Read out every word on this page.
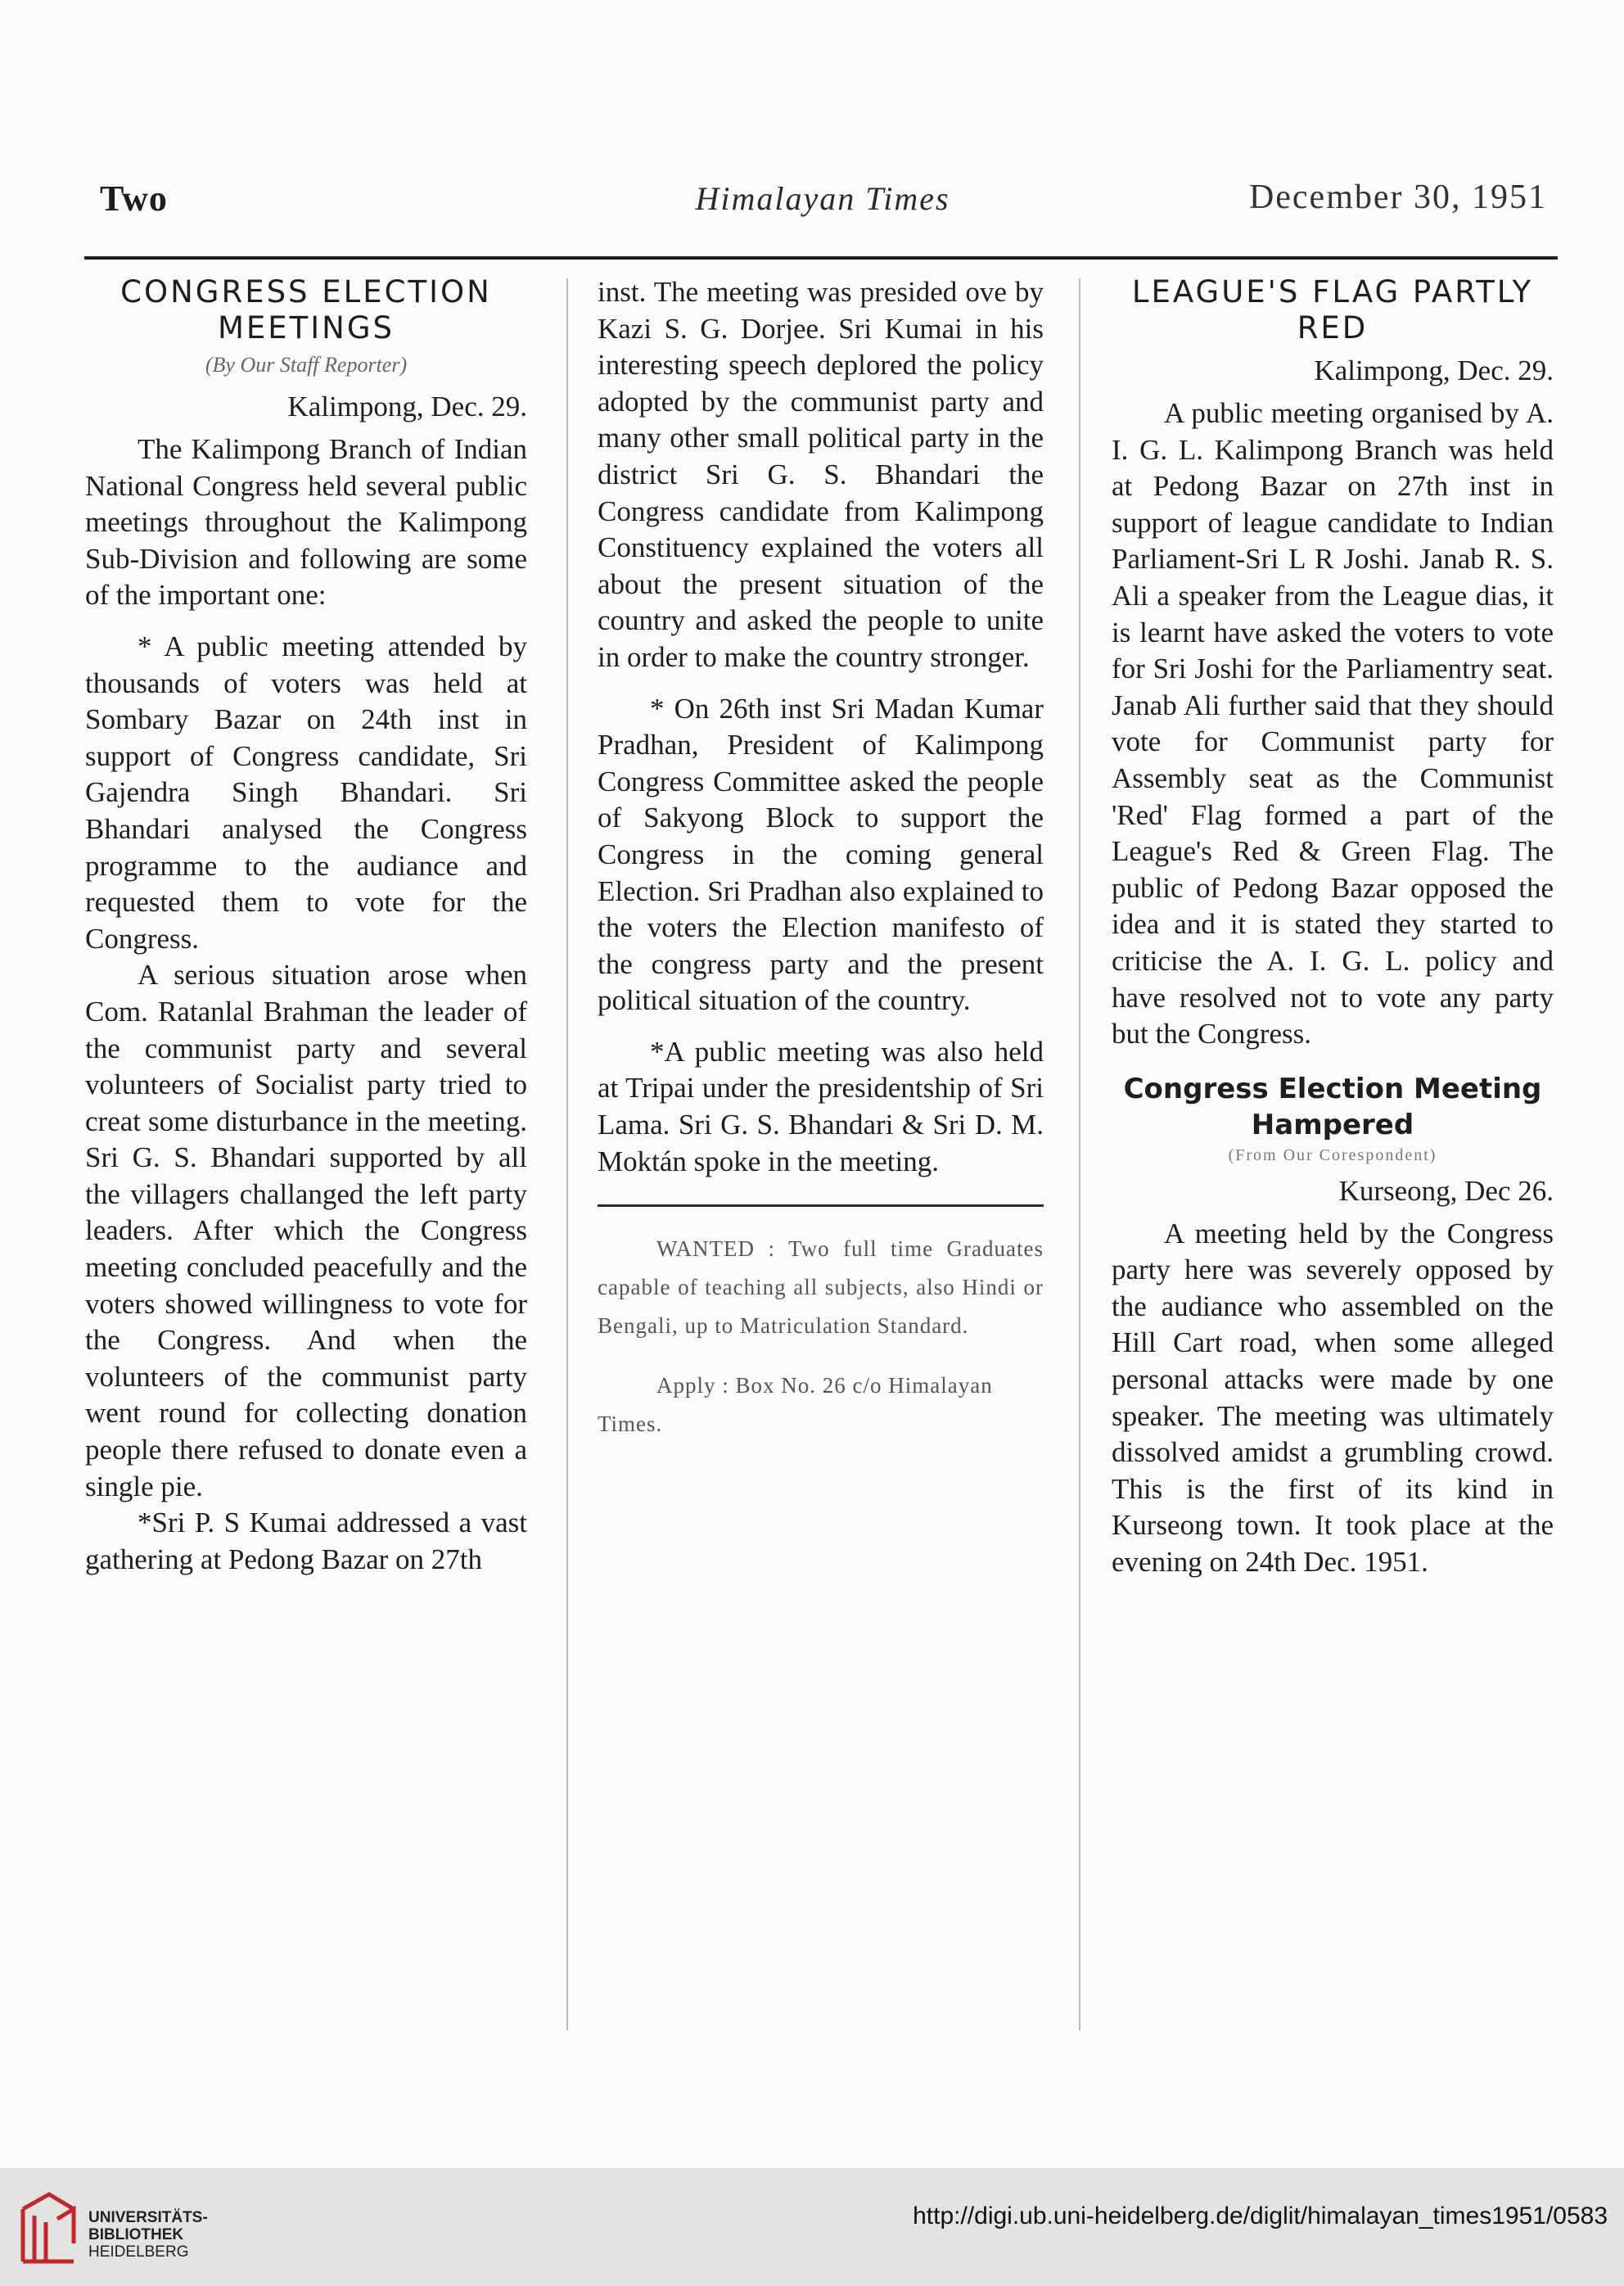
Two	Himalayan Times	December 30, 1951
CONGRESS ELECTION MEETINGS
(By Our Staff Reporter)
Kalimpong, Dec. 29.

The Kalimpong Branch of Indian National Congress held several public meetings throughout the Kalimpong Sub-Division and following are some of the important one:

* A public meeting attended by thousands of voters was held at Sombary Bazar on 24th inst in support of Congress candidate, Sri Gajendra Singh Bhandari. Sri Bhandari analysed the Congress programme to the audiance and requested them to vote for the Congress.

A serious situation arose when Com. Ratanlal Brahman the leader of the communist party and several volunteers of Socialist party tried to creat some disturbance in the meeting. Sri G. S. Bhandari supported by all the villagers challanged the left party leaders. After which the Congress meeting concluded peacefully and the voters showed willingness to vote for the Congress. And when the volunteers of the communist party went round for collecting donation people there refused to donate even a single pie.

*Sri P. S Kumai addressed a vast gathering at Pedong Bazar on 27th

inst. The meeting was presided ove by Kazi S. G. Dorjee. Sri Kumai in his interesting speech deplored the policy adopted by the communist party and many other small political party in the district Sri G. S. Bhandari the Congress candidate from Kalimpong Constituency explained the voters all about the present situation of the country and asked the people to unite in order to make the country stronger.

* On 26th inst Sri Madan Kumar Pradhan, President of Kalimpong Congress Committee asked the people of Sakyong Block to support the Congress in the coming general Election. Sri Pradhan also explained to the voters the Election manifesto of the congress party and the present political situation of the country.

*A public meeting was also held at Tripai under the presidentship of Sri Lama. Sri G. S. Bhandari & Sri D. M. Moktán spoke in the meeting.

WANTED : Two full time Graduates capable of teaching all subjects, also Hindi or Bengali, up to Matriculation Standard.

Apply : Box No. 26 c/o Himalayan Times.

LEAGUE'S FLAG PARTLY RED
Kalimpong, Dec. 29.

A public meeting organised by A. I. G. L. Kalimpong Branch was held at Pedong Bazar on 27th inst in support of league candidate to Indian Parliament-Sri L R Joshi. Janab R. S. Ali a speaker from the League dias, it is learnt have asked the voters to vote for Sri Joshi for the Parliamentry seat. Janab Ali further said that they should vote for Communist party for Assembly seat as the Communist 'Red' Flag formed a part of the League's Red & Green Flag. The public of Pedong Bazar opposed the idea and it is stated they started to criticise the A. I. G. L. policy and have resolved not to vote any party but the Congress.

Congress Election Meeting Hampered
(From Our Corespondent)
Kurseong, Dec 26.

A meeting held by the Congress party here was severely opposed by the audiance who assembled on the Hill Cart road, when some alleged personal attacks were made by one speaker. The meeting was ultimately dissolved amidst a grumbling crowd. This is the first of its kind in Kurseong town. It took place at the evening on 24th Dec. 1951.

UNIVERSITÄTS-
BIBLIOTHEK
HEIDELBERG
http://digi.ub.uni-heidelberg.de/diglit/himalayan_times1951/0583
